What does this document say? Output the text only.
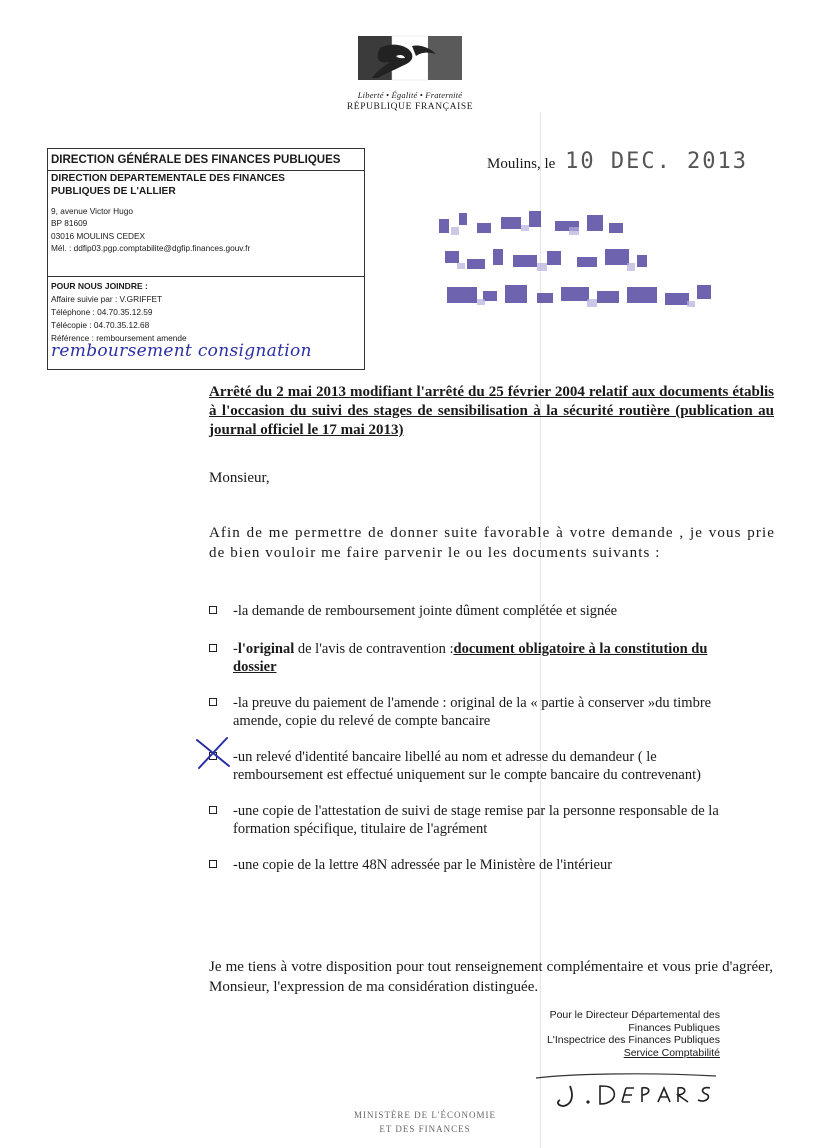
Liberté • Égalité • Fraternité
RÉPUBLIQUE FRANÇAISE
DIRECTION GÉNÉRALE DES FINANCES PUBLIQUES
DIRECTION DEPARTEMENTALE DES FINANCES
PUBLIQUES DE L'ALLIER
9, avenue Victor Hugo
BP 81609
03016 MOULINS CEDEX
Mél. : ddfip03.pgp.comptabilite@dgfip.finances.gouv.fr
POUR NOUS JOINDRE :
Affaire suivie par : V.GRIFFET
Téléphone : 04.70.35.12.59
Télécopie : 04.70.35.12.68
Référence : remboursement amende
remboursement consignation
Moulins, le 10 DEC. 2013
Arrêté du 2 mai 2013 modifiant l'arrêté du 25 février 2004 relatif aux documents établis à l'occasion du suivi des stages de sensibilisation à la sécurité routière (publication au journal officiel le 17 mai 2013)
Monsieur,
Afin de me permettre de donner suite favorable à votre demande , je vous prie de bien vouloir me faire parvenir le ou les documents suivants :
-la demande de remboursement jointe dûment complétée et signée
-l'original de l'avis de contravention :document obligatoire à la constitution du dossier
-la preuve du paiement de l'amende : original de la « partie à conserver »du timbre amende, copie du relevé de compte bancaire
-un relevé d'identité bancaire libellé au nom et adresse du demandeur ( le remboursement est effectué uniquement sur le compte bancaire du contrevenant)
-une copie de l'attestation de suivi de stage remise par la personne responsable de la formation spécifique, titulaire de l'agrément
-une copie de la lettre 48N adressée par le Ministère de l'intérieur
Je me tiens à votre disposition pour tout renseignement complémentaire et vous prie d'agréer, Monsieur, l'expression de ma considération distinguée.
Pour le Directeur Départemental des
Finances Publiques
L'Inspectrice des Finances Publiques
Service Comptabilité
MINISTÈRE DE L'ÉCONOMIE
ET DES FINANCES
